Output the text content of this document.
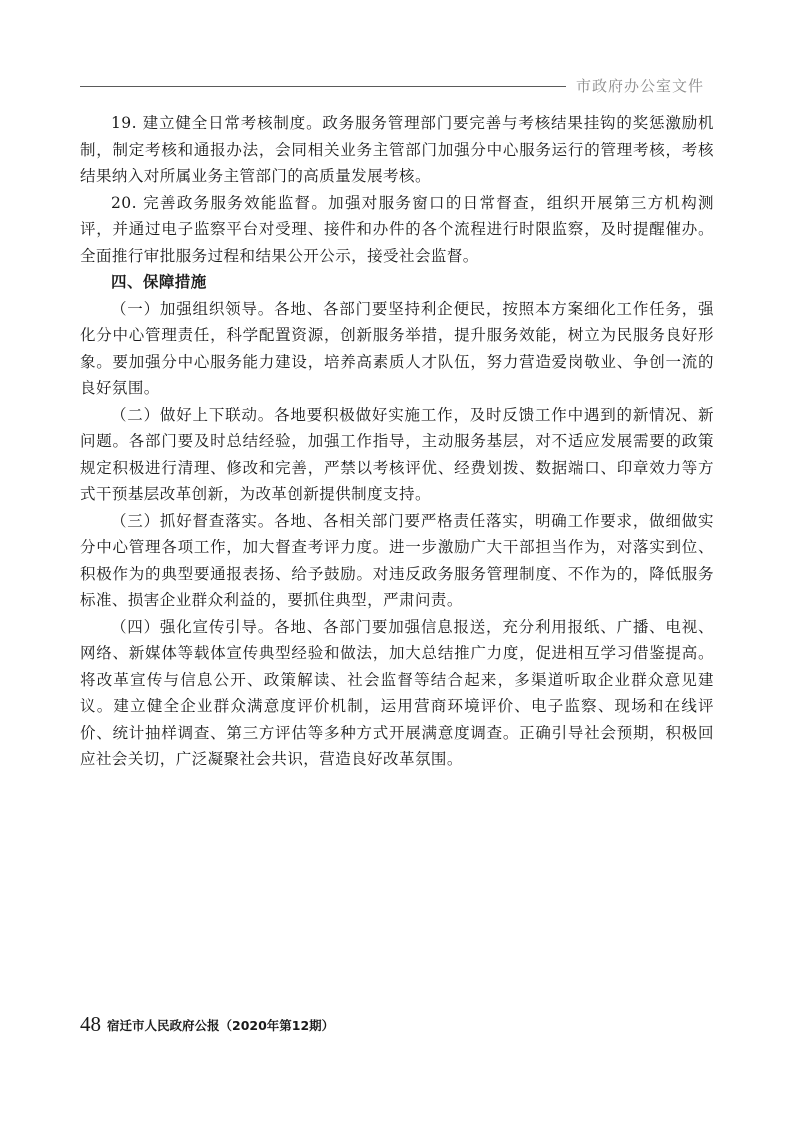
市政府办公室文件

19. 建立健全日常考核制度。政务服务管理部门要完善与考核结果挂钩的奖惩激励机制，制定考核和通报办法，会同相关业务主管部门加强分中心服务运行的管理考核，考核结果纳入对所属业务主管部门的高质量发展考核。

20. 完善政务服务效能监督。加强对服务窗口的日常督查，组织开展第三方机构测评，并通过电子监察平台对受理、接件和办件的各个流程进行时限监察，及时提醒催办。全面推行审批服务过程和结果公开公示，接受社会监督。

四、保障措施

（一）加强组织领导。各地、各部门要坚持利企便民，按照本方案细化工作任务，强化分中心管理责任，科学配置资源，创新服务举措，提升服务效能，树立为民服务良好形象。要加强分中心服务能力建设，培养高素质人才队伍，努力营造爱岗敬业、争创一流的良好氛围。

（二）做好上下联动。各地要积极做好实施工作，及时反馈工作中遇到的新情况、新问题。各部门要及时总结经验，加强工作指导，主动服务基层，对不适应发展需要的政策规定积极进行清理、修改和完善，严禁以考核评优、经费划拨、数据端口、印章效力等方式干预基层改革创新，为改革创新提供制度支持。

（三）抓好督查落实。各地、各相关部门要严格责任落实，明确工作要求，做细做实分中心管理各项工作，加大督查考评力度。进一步激励广大干部担当作为，对落实到位、积极作为的典型要通报表扬、给予鼓励。对违反政务服务管理制度、不作为的，降低服务标准、损害企业群众利益的，要抓住典型，严肃问责。

（四）强化宣传引导。各地、各部门要加强信息报送，充分利用报纸、广播、电视、网络、新媒体等载体宣传典型经验和做法，加大总结推广力度，促进相互学习借鉴提高。将改革宣传与信息公开、政策解读、社会监督等结合起来，多渠道听取企业群众意见建议。建立健全企业群众满意度评价机制，运用营商环境评价、电子监察、现场和在线评价、统计抽样调查、第三方评估等多种方式开展满意度调查。正确引导社会预期，积极回应社会关切，广泛凝聚社会共识，营造良好改革氛围。

48 宿迁市人民政府公报（2020年第12期）
